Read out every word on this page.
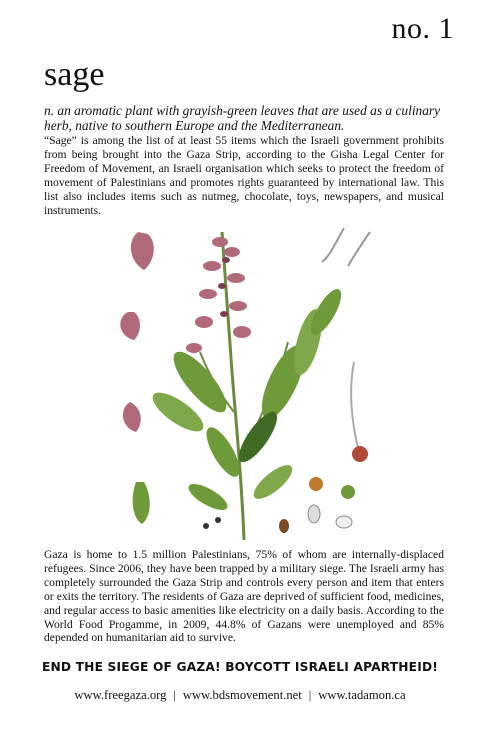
no. 1
sage
n. an aromatic plant with grayish-green leaves that are used as a culinary herb, native to southern Europe and the Mediterranean.
“Sage” is among the list of at least 55 items which the Israeli government prohibits from being brought into the Gaza Strip, according to the Gisha Legal Center for Freedom of Movement, an Israeli organisation which seeks to protect the freedom of movement of Palestinians and promotes rights guaranteed by international law. This list also includes items such as nutmeg, chocolate, toys, newspapers, and musical instruments.
Gaza is home to 1.5 million Palestinians, 75% of whom are internally-displaced refugees. Since 2006, they have been trapped by a military siege. The Israeli army has completely surrounded the Gaza Strip and controls every person and item that enters or exits the territory. The residents of Gaza are deprived of sufficient food, medicines, and regular access to basic amenities like electricity on a daily basis. According to the World Food Progamme, in 2009, 44.8% of Gazans were unemployed and 85% depended on humanitarian aid to survive.
END THE SIEGE OF GAZA! BOYCOTT ISRAELI APARTHEID!
www.freegaza.org | www.bdsmovement.net | www.tadamon.ca
